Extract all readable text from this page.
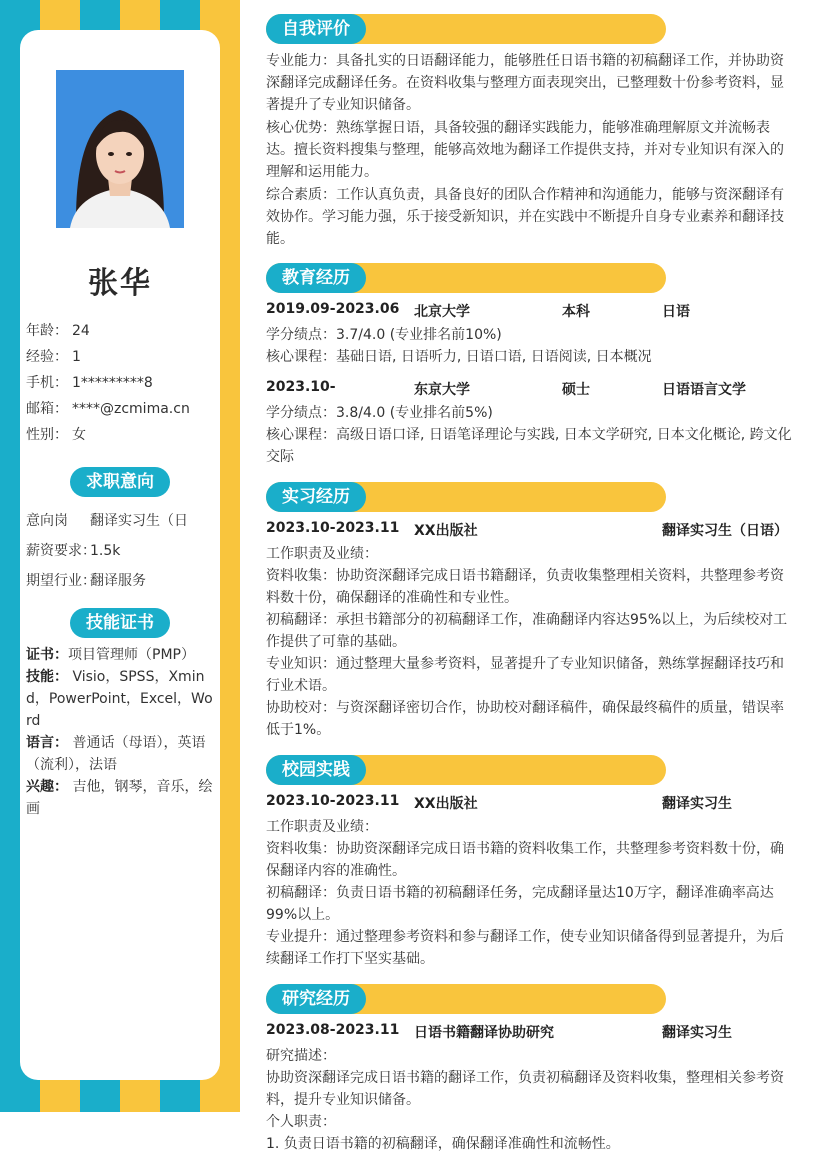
张华
年龄： 24
经验： 1
手机： 1*********8
邮箱： ****@zcmima.cn
性别： 女
求职意向
意向岗 翻译实习生（日
薪资要求：1.5k
期望行业：翻译服务
技能证书

证书：项目管理师（PMP）

技能： Visio，SPSS，Xmind，PowerPoint，Excel，Word

语言： 普通话（母语），英语（流利），法语

兴趣： 吉他，钢琴，音乐，绘画

自我评价
专业能力：具备扎实的日语翻译能力，能够胜任日语书籍的初稿翻译工作，并协助资深翻译完成翻译任务。在资料收集与整理方面表现突出，已整理数十份参考资料，显著提升了专业知识储备。
核心优势：熟练掌握日语，具备较强的翻译实践能力，能够准确理解原文并流畅表达。擅长资料搜集与整理，能够高效地为翻译工作提供支持，并对专业知识有深入的理解和运用能力。
综合素质：工作认真负责，具备良好的团队合作精神和沟通能力，能够与资深翻译有效协作。学习能力强，乐于接受新知识，并在实践中不断提升自身专业素养和翻译技能。
教育经历
2019.09-2023.06 北京大学	本科	日语
学分绩点：3.7/4.0 (专业排名前10%)
核心课程：基础日语, 日语听力, 日语口语, 日语阅读, 日本概况
2023.10-	东京大学	硕士	日语语言文学
学分绩点：3.8/4.0 (专业排名前5%)
核心课程：高级日语口译, 日语笔译理论与实践, 日本文学研究, 日本文化概论, 跨文化交际
实习经历
2023.10-2023.11 XX出版社	翻译实习生（日语）
工作职责及业绩：
资料收集：协助资深翻译完成日语书籍翻译，负责收集整理相关资料，共整理参考资料数十份，确保翻译的准确性和专业性。
初稿翻译：承担书籍部分的初稿翻译工作，准确翻译内容达95%以上，为后续校对工作提供了可靠的基础。
专业知识：通过整理大量参考资料，显著提升了专业知识储备，熟练掌握翻译技巧和行业术语。
协助校对：与资深翻译密切合作，协助校对翻译稿件，确保最终稿件的质量，错误率低于1%。
校园实践
2023.10-2023.11 XX出版社	翻译实习生
工作职责及业绩：
资料收集：协助资深翻译完成日语书籍的资料收集工作，共整理参考资料数十份，确保翻译内容的准确性。
初稿翻译：负责日语书籍的初稿翻译任务，完成翻译量达10万字，翻译准确率高达99%以上。
专业提升：通过整理参考资料和参与翻译工作，使专业知识储备得到显著提升，为后续翻译工作打下坚实基础。
研究经历
2023.08-2023.11 日语书籍翻译协助研究	翻译实习生
研究描述：
协助资深翻译完成日语书籍的翻译工作，负责初稿翻译及资料收集，整理相关参考资料，提升专业知识储备。
个人职责：
1. 负责日语书籍的初稿翻译，确保翻译准确性和流畅性。
